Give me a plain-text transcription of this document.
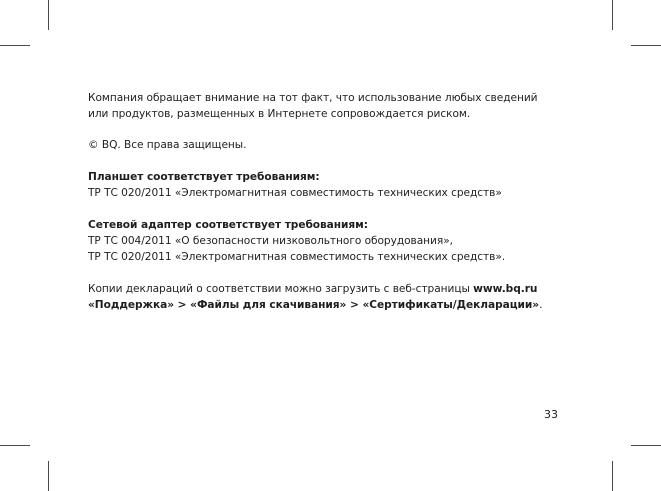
Компания обращает внимание на тот факт, что использование любых сведений

или продуктов, размещенных в Интернете сопровождается риском.

© BQ. Все права защищены.

Планшет соответствует требованиям:

ТР ТС 020/2011 «Электромагнитная совместимость технических средств»

Сетевой адаптер соответствует требованиям:

ТР ТС 004/2011 «О безопасности низковольтного оборудования»,

ТР ТС 020/2011 «Электромагнитная совместимость технических средств».

Копии деклараций о соответствии можно загрузить с веб-страницы www.bq.ru

«Поддержка» > «Файлы для скачивания» > «Сертификаты/Декларации».

33
